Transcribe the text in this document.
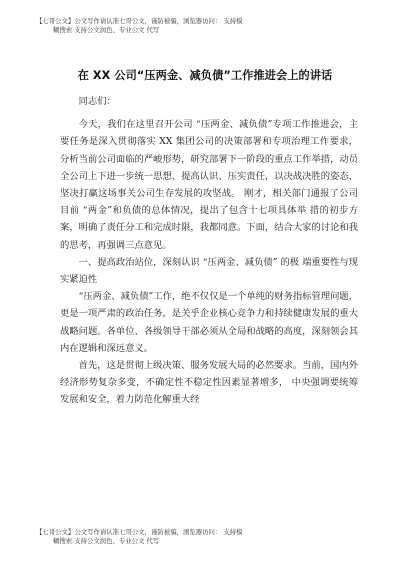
【七哥公文】公文写作请认准七哥公文，谨防被骗，浏览器访问： 支持模
糊搜索 支持公文润色、专业公文 代写
在 XX 公司“压两金、减负债”工作推进会上的讲话

同志们：

今天，我们在这里召开公司 “压两金、减负债”专项工作推进会，主要任务是深入贯彻落实 XX 集团公司的决策部署和专项治理工作要求，分析当前公司面临的严峻形势，研究部署下一阶段的重点工作举措，动员全公司上下进一步统一思想、提高认识、压实责任，以决战决胜的姿态，坚决打赢这场事关公司生存发展的攻坚战。 刚才，相关部门通报了公司目前 “两金”和负债的总体情况，提出了包含十七项具体举 措的初步方案，明确了责任分工和完成时限，我都同意。下面，结合大家的讨论和我的思考，再强调三点意见。

一、提高政治站位，深刻认识 “压两金、减负债” 的极 端重要性与现实紧迫性

“压两金、减负债”工作，绝不仅仅是一个单纯的财务指标管理问题，更是一项严肃的政治任务，是关乎企业核心竞争力和持续健康发展的重大战略问题。各单位、各级领导干部必须从全局和战略的高度，深刻领会其内在逻辑和深远意义。

首先，这是贯彻上级决策、服务发展大局的必然要求。当前，国内外经济形势复杂多变，不确定性不稳定性因素显著增多， 中央强调要统筹发展和安全，着力防范化解重大经

【七哥公文】公文写作请认准七哥公文，谨防被骗，浏览器访问： 支持模
糊搜索 支持公文润色、专业公文 代写
